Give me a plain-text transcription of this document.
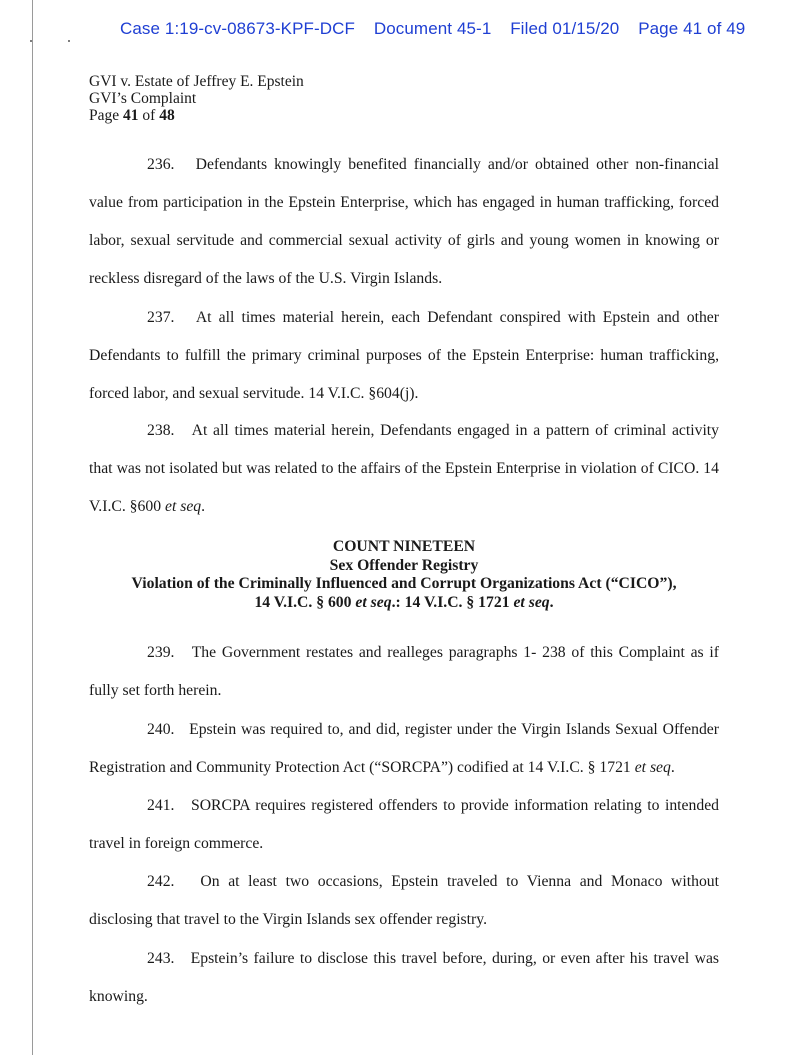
Case 1:19-cv-08673-KPF-DCF Document 45-1 Filed 01/15/20 Page 41 of 49
GVI v. Estate of Jeffrey E. Epstein
GVI’s Complaint
Page 41 of 48
236. Defendants knowingly benefited financially and/or obtained other non-financial value from participation in the Epstein Enterprise, which has engaged in human trafficking, forced labor, sexual servitude and commercial sexual activity of girls and young women in knowing or reckless disregard of the laws of the U.S. Virgin Islands.
237. At all times material herein, each Defendant conspired with Epstein and other Defendants to fulfill the primary criminal purposes of the Epstein Enterprise: human trafficking, forced labor, and sexual servitude. 14 V.I.C. §604(j).
238. At all times material herein, Defendants engaged in a pattern of criminal activity that was not isolated but was related to the affairs of the Epstein Enterprise in violation of CICO. 14 V.I.C. §600 et seq.
COUNT NINETEEN
Sex Offender Registry
Violation of the Criminally Influenced and Corrupt Organizations Act (“CICO”),
14 V.I.C. § 600 et seq.: 14 V.I.C. § 1721 et seq.
239. The Government restates and realleges paragraphs 1- 238 of this Complaint as if fully set forth herein.
240. Epstein was required to, and did, register under the Virgin Islands Sexual Offender Registration and Community Protection Act (“SORCPA”) codified at 14 V.I.C. § 1721 et seq.
241. SORCPA requires registered offenders to provide information relating to intended travel in foreign commerce.
242. On at least two occasions, Epstein traveled to Vienna and Monaco without disclosing that travel to the Virgin Islands sex offender registry.
243. Epstein’s failure to disclose this travel before, during, or even after his travel was knowing.
